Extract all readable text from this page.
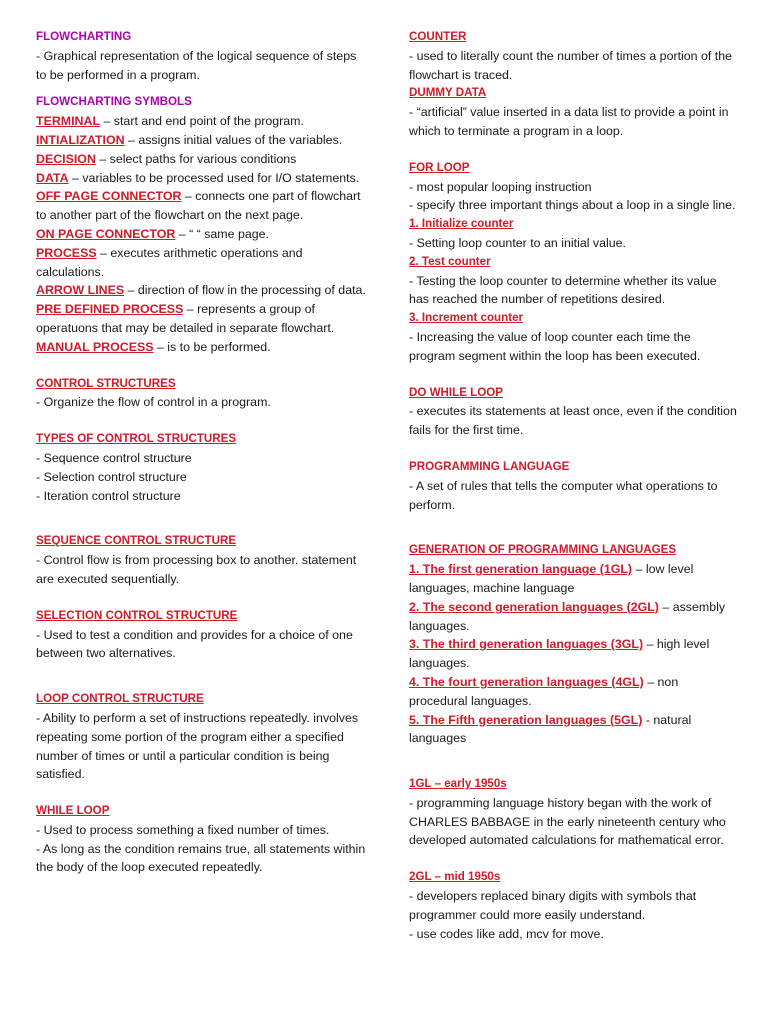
FLOWCHARTING
- Graphical representation of the logical sequence of steps to be performed in a program.
FLOWCHARTING SYMBOLS
TERMINAL – start and end point of the program.
INTIALIZATION – assigns initial values of the variables.
DECISION – select paths for various conditions
DATA – variables to be processed used for I/O statements.
OFF PAGE CONNECTOR – connects one part of flowchart to another part of the flowchart on the next page.
ON PAGE CONNECTOR – “ “ same page.
PROCESS – executes arithmetic operations and calculations.
ARROW LINES – direction of flow in the processing of data.
PRE DEFINED PROCESS – represents a group of operatuons that may be detailed in separate flowchart.
MANUAL PROCESS – is to be performed.
CONTROL STRUCTURES
- Organize the flow of control in a program.
TYPES OF CONTROL STRUCTURES
- Sequence control structure
- Selection control structure
- Iteration control structure
SEQUENCE CONTROL STRUCTURE
- Control flow is from processing box to another. statement are executed sequentially.
SELECTION CONTROL STRUCTURE
- Used to test a condition and provides for a choice of one between two alternatives.
LOOP CONTROL STRUCTURE
- Ability to perform a set of instructions repeatedly. involves repeating some portion of the program either a specified number of times or until a particular condition is being satisfied.
WHILE LOOP
- Used to process something a fixed number of times.
- As long as the condition remains true, all statements within the body of the loop executed repeatedly.
COUNTER
- used to literally count the number of times a portion of the flowchart is traced.
DUMMY DATA
- “artificial” value inserted in a data list to provide a point in which to terminate a program in a loop.
FOR LOOP
- most popular looping instruction
- specify three important things about a loop in a single line.
1. Initialize counter
- Setting loop counter to an initial value.
2. Test counter
- Testing the loop counter to determine whether its value has reached the number of repetitions desired.
3. Increment counter
- Increasing the value of loop counter each time the program segment within the loop has been executed.
DO WHILE LOOP
- executes its statements at least once, even if the condition fails for the first time.
PROGRAMMING LANGUAGE
- A set of rules that tells the computer what operations to perform.
GENERATION OF PROGRAMMING LANGUAGES
1. The first generation language (1GL) – low level languages, machine language
2. The second generation languages (2GL) – assembly languages.
3. The third generation languages (3GL) – high level languages.
4. The fourt generation languages (4GL) – non procedural languages.
5. The Fifth generation languages (5GL) - natural languages
1GL – early 1950s
- programming language history began with the work of CHARLES BABBAGE in the early nineteenth century who developed automated calculations for mathematical error.
2GL – mid 1950s
- developers replaced binary digits with symbols that programmer could more easily understand.
- use codes like add, mcv for move.
